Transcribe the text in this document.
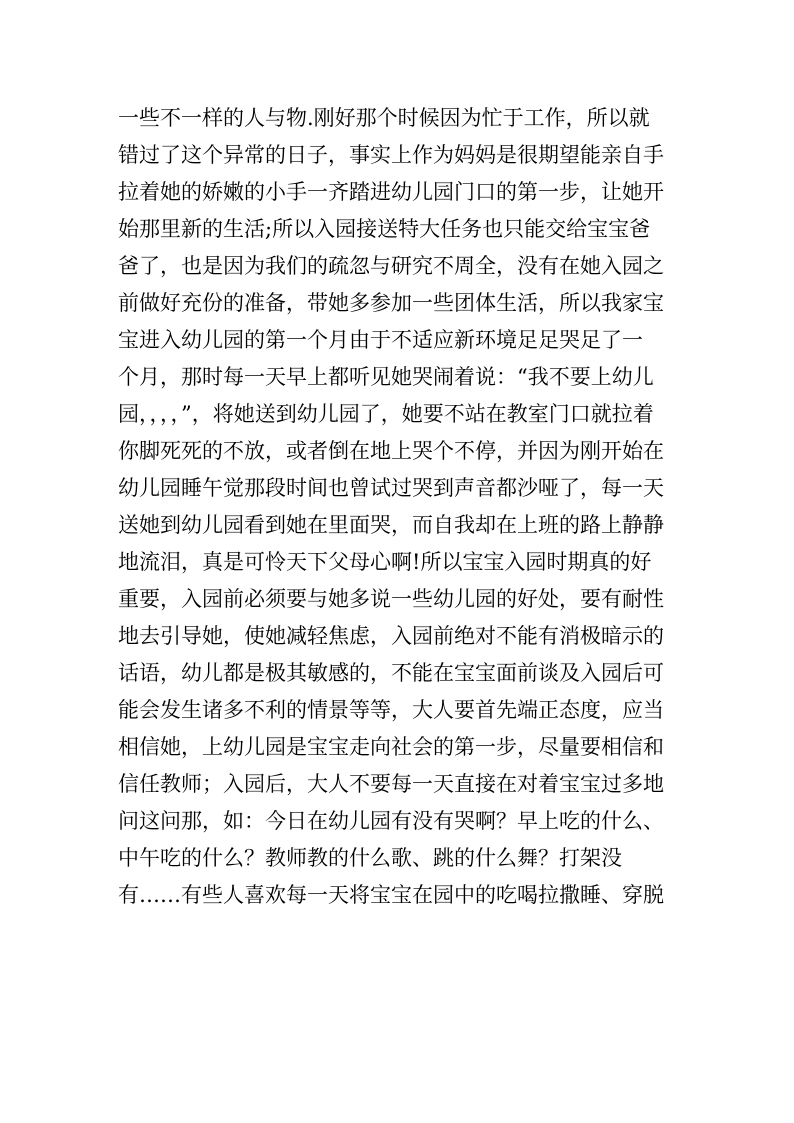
一些不一样的人与物.刚好那个时候因为忙于工作，所以就
错过了这个异常的日子，事实上作为妈妈是很期望能亲自手
拉着她的娇嫩的小手一齐踏进幼儿园门口的第一步，让她开
始那里新的生活;所以入园接送特大任务也只能交给宝宝爸
爸了，也是因为我们的疏忽与研究不周全，没有在她入园之
前做好充份的准备，带她多参加一些团体生活，所以我家宝
宝进入幼儿园的第一个月由于不适应新环境足足哭足了一
个月，那时每一天早上都听见她哭闹着说：“我不要上幼儿
园，，，，”，将她送到幼儿园了，她要不站在教室门口就拉着
你脚死死的不放，或者倒在地上哭个不停，并因为刚开始在
幼儿园睡午觉那段时间也曾试过哭到声音都沙哑了，每一天
送她到幼儿园看到她在里面哭，而自我却在上班的路上静静
地流泪，真是可怜天下父母心啊!所以宝宝入园时期真的好
重要，入园前必须要与她多说一些幼儿园的好处，要有耐性
地去引导她，使她减轻焦虑，入园前绝对不能有消极暗示的
话语，幼儿都是极其敏感的，不能在宝宝面前谈及入园后可
能会发生诸多不利的情景等等，大人要首先端正态度，应当
相信她，上幼儿园是宝宝走向社会的第一步，尽量要相信和
信任教师；入园后，大人不要每一天直接在对着宝宝过多地
问这问那，如：今日在幼儿园有没有哭啊？早上吃的什么、
中午吃的什么？教师教的什么歌、跳的什么舞？打架没
有……有些人喜欢每一天将宝宝在园中的吃喝拉撒睡、穿脱
